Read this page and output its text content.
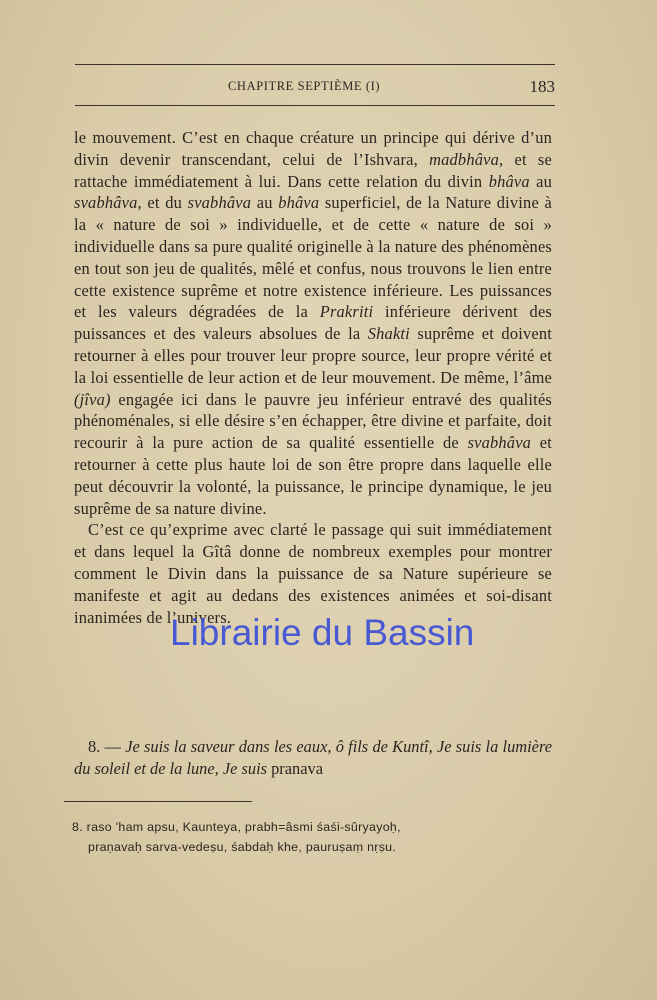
CHAPITRE SEPTIÈME (I)	183

le mouvement. C’est en chaque créature un principe qui dérive d’un divin devenir transcendant, celui de l’Ishvara, madbhâva, et se rattache immédiatement à lui. Dans cette relation du divin bhâva au svabhâva, et du svabhâva au bhâva superficiel, de la Nature divine à la « nature de soi » individuelle, et de cette « nature de soi » individuelle dans sa pure qualité originelle à la nature des phénomènes en tout son jeu de qualités, mêlé et confus, nous trouvons le lien entre cette existence suprême et notre existence inférieure. Les puissances et les valeurs dégradées de la Prakriti inférieure dérivent des puissances et des valeurs absolues de la Shakti suprême et doivent retourner à elles pour trouver leur propre source, leur propre vérité et la loi essentielle de leur action et de leur mouvement. De même, l’âme (jîva) engagée ici dans le pauvre jeu inférieur entravé des qualités phénoménales, si elle désire s’en échapper, être divine et parfaite, doit recourir à la pure action de sa qualité essentielle de svabhâva et retourner à cette plus haute loi de son être propre dans laquelle elle peut découvrir la volonté, la puissance, le principe dynamique, le jeu suprême de sa nature divine.

C’est ce qu’exprime avec clarté le passage qui suit immédiatement et dans lequel la Gîtâ donne de nombreux exemples pour montrer comment le Divin dans la puissance de sa Nature supérieure se manifeste et agit au dedans des existences animées et soi-disant inanimées de l’univers.

8. — Je suis la saveur dans les eaux, ô fils de Kuntî, Je suis la lumière du soleil et de la lune, Je suis pranava
8. raso 'ham apsu, Kaunteya, prabh=âsmi śaśi-sûryayoḥ,
praṇavaḥ sarva-vedeṣu, śabdaḥ khe, pauruṣaṃ nṛṣu.
Librairie du Bassin
